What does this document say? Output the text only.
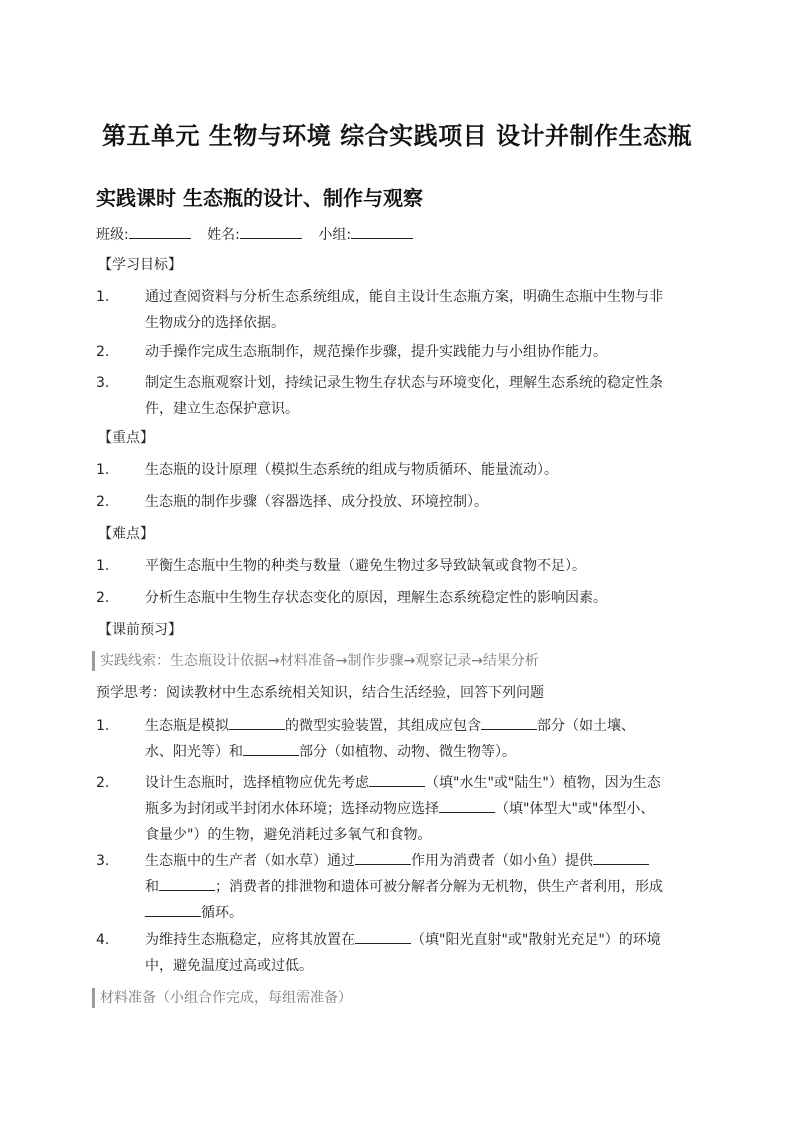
第五单元 生物与环境 综合实践项目 设计并制作生态瓶
实践课时 生态瓶的设计、制作与观察
班级:	姓名:	小组:
【学习目标】
1.	通过查阅资料与分析生态系统组成，能自主设计生态瓶方案，明确生态瓶中生物与非
生物成分的选择依据。
2.	动手操作完成生态瓶制作，规范操作步骤，提升实践能力与小组协作能力。
3.	制定生态瓶观察计划，持续记录生物生存状态与环境变化，理解生态系统的稳定性条
件，建立生态保护意识。
【重点】
1.	生态瓶的设计原理（模拟生态系统的组成与物质循环、能量流动）。
2.	生态瓶的制作步骤（容器选择、成分投放、环境控制）。
【难点】
1.	平衡生态瓶中生物的种类与数量（避免生物过多导致缺氧或食物不足）。
2.	分析生态瓶中生物生存状态变化的原因，理解生态系统稳定性的影响因素。
【课前预习】
实践线索：生态瓶设计依据→材料准备→制作步骤→观察记录→结果分析
预学思考：阅读教材中生态系统相关知识，结合生活经验，回答下列问题
1.	生态瓶是模拟	的微型实验装置，其组成应包含	部分（如土壤、
水、阳光等）和	部分（如植物、动物、微生物等）。
2.	设计生态瓶时，选择植物应优先考虑	（填"水生"或"陆生"）植物，因为生态
瓶多为封闭或半封闭水体环境；选择动物应选择	（填"体型大"或"体型小、
食量少"）的生物，避免消耗过多氧气和食物。
3.	生态瓶中的生产者（如水草）通过	作用为消费者（如小鱼）提供
和	；消费者的排泄物和遗体可被分解者分解为无机物，供生产者利用，形成
循环。
4.	为维持生态瓶稳定，应将其放置在	（填"阳光直射"或"散射光充足"）的环境
中，避免温度过高或过低。
材料准备（小组合作完成，每组需准备）
